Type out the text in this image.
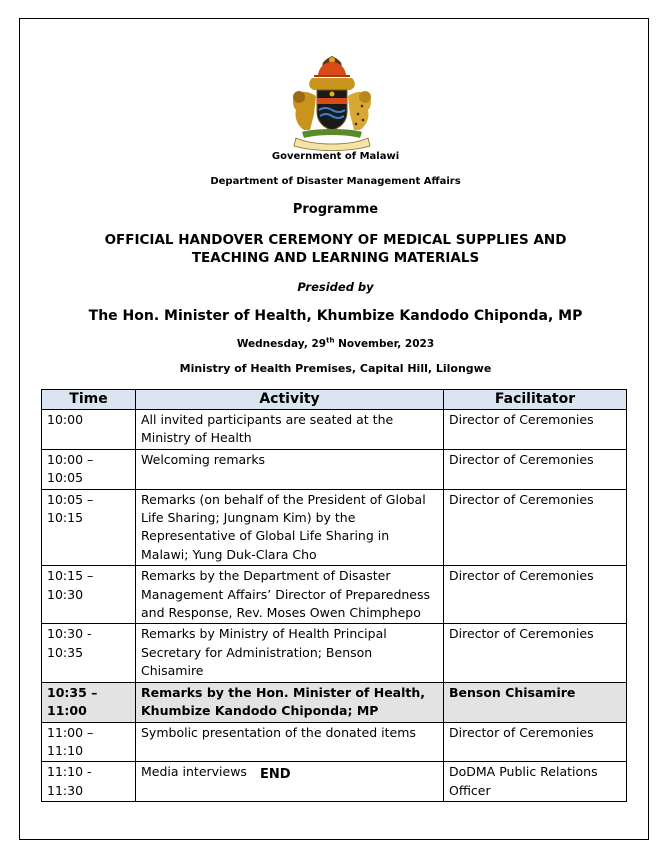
Government of Malawi
Department of Disaster Management Affairs
Programme
OFFICIAL HANDOVER CEREMONY OF MEDICAL SUPPLIES AND
TEACHING AND LEARNING MATERIALS
Presided by
The Hon. Minister of Health, Khumbize Kandodo Chiponda, MP
Wednesday, 29th November, 2023
Ministry of Health Premises, Capital Hill, Lilongwe
Time	Activity	Facilitator
10:00	All invited participants are seated at the Ministry of Health	Director of Ceremonies
10:00 – 10:05	Welcoming remarks	Director of Ceremonies
10:05 – 10:15	Remarks (on behalf of the President of Global Life Sharing; Jungnam Kim) by the Representative of Global Life Sharing in Malawi; Yung Duk-Clara Cho	Director of Ceremonies
10:15 – 10:30	Remarks by the Department of Disaster Management Affairs’ Director of Preparedness and Response, Rev. Moses Owen Chimphepo	Director of Ceremonies
10:30 - 10:35	Remarks by Ministry of Health Principal Secretary for Administration; Benson Chisamire	Director of Ceremonies
10:35 – 11:00	Remarks by the Hon. Minister of Health, Khumbize Kandodo Chiponda; MP	Benson Chisamire
11:00 – 11:10	Symbolic presentation of the donated items	Director of Ceremonies
11:10 - 11:30	Media interviews	DoDMA Public Relations Officer
END
